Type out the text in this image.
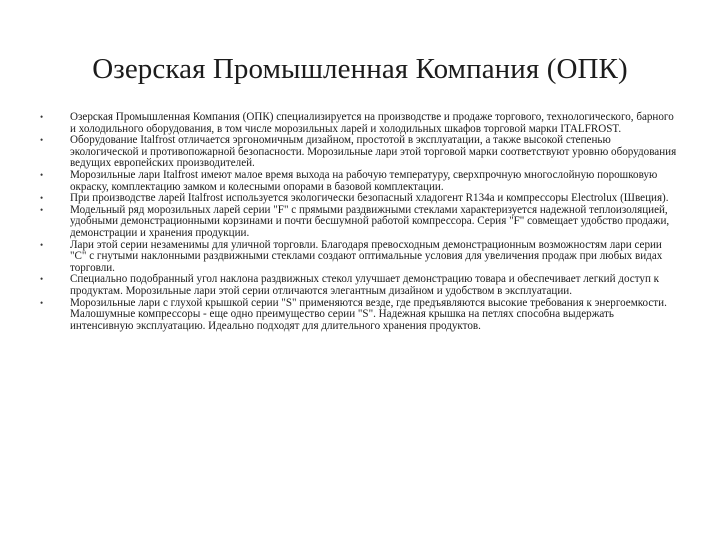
Озерская Промышленная Компания (ОПК)
• Озерская Промышленная Компания (ОПК) специализируется на производстве и продаже торгового, технологического, барного и холодильного оборудования, в том числе морозильных ларей и холодильных шкафов торговой марки ITALFROST.
• Оборудование Italfrost отличается эргономичным дизайном, простотой в эксплуатации, а также высокой степенью экологической и противопожарной безопасности. Морозильные лари этой торговой марки соответствуют уровню оборудования ведущих европейских производителей.
• Морозильные лари Italfrost имеют малое время выхода на рабочую температуру, сверхпрочную многослойную порошковую окраску, комплектацию замком и колесными опорами в базовой комплектации.
• При производстве ларей Italfrost используется экологически безопасный хладогент R134a и компрессоры Electrolux (Швеция).
• Модельный ряд морозильных ларей серии "F" с прямыми раздвижными стеклами характеризуется надежной теплоизоляцией, удобными демонстрационными корзинами и почти бесшумной работой компрессора. Серия "F" совмещает удобство продажи, демонстрации и хранения продукции.
• Лари этой серии незаменимы для уличной торговли. Благодаря превосходным демонстрационным возможностям лари серии "С" с гнутыми наклонными раздвижными стеклами создают оптимальные условия для увеличения продаж при любых видах торговли.
• Специально подобранный угол наклона раздвижных стекол улучшает демонстрацию товара и обеспечивает легкий доступ к продуктам. Морозильные лари этой серии отличаются элегантным дизайном и удобством в эксплуатации.
• Морозильные лари с глухой крышкой серии "S" применяются везде, где предъявляются высокие требования к энергоемкости. Малошумные компрессоры - еще одно преимущество серии "S". Надежная крышка на петлях способна выдержать интенсивную эксплуатацию. Идеально подходят для длительного хранения продуктов.
